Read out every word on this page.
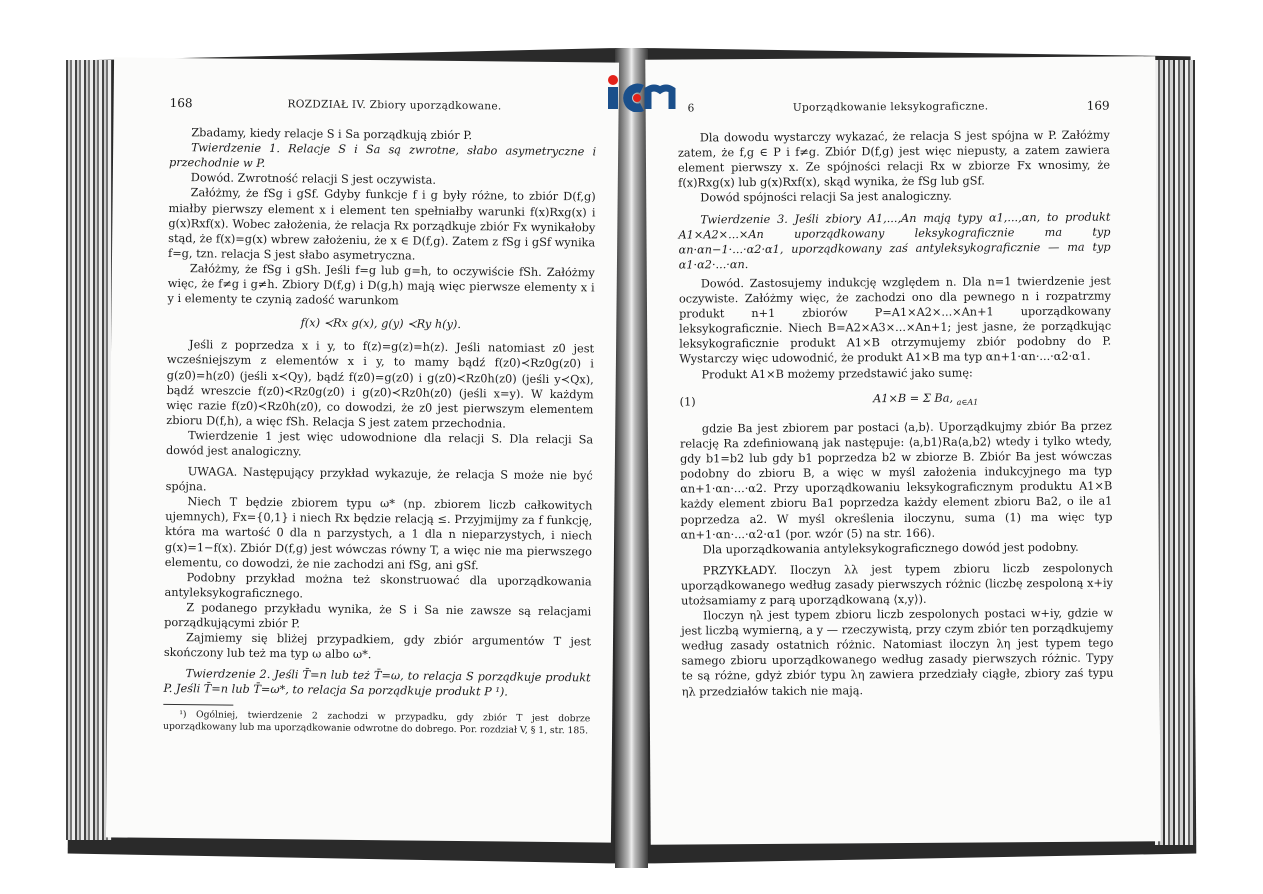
168	ROZDZIAŁ IV. Zbiory uporządkowane.

Zbadamy, kiedy relacje S i Sa porządkują zbiór P.

Twierdzenie 1. Relacje S i Sa są zwrotne, słabo asymetryczne i przechodnie w P.

Dowód. Zwrotność relacji S jest oczywista.

Załóżmy, że fSg i gSf. Gdyby funkcje f i g były różne, to zbiór D(f,g) miałby pierwszy element x i element ten spełniałby warunki f(x)Rxg(x) i g(x)Rxf(x). Wobec założenia, że relacja Rx porządkuje zbiór Fx wynikałoby stąd, że f(x)=g(x) wbrew założeniu, że x ∈ D(f,g). Zatem z fSg i gSf wynika f=g, tzn. relacja S jest słabo asymetryczna.

Załóżmy, że fSg i gSh. Jeśli f=g lub g=h, to oczywiście fSh. Załóżmy więc, że f≠g i g≠h. Zbiory D(f,g) i D(g,h) mają więc pierwsze elementy x i y i elementy te czynią zadość warunkom

f(x) ≺Rx g(x), g(y) ≺Ry h(y).

Jeśli z poprzedza x i y, to f(z)=g(z)=h(z). Jeśli natomiast z0 jest wcześniejszym z elementów x i y, to mamy bądź f(z0)≺Rz0g(z0) i g(z0)=h(z0) (jeśli x≺Qy), bądź f(z0)=g(z0) i g(z0)≺Rz0h(z0) (jeśli y≺Qx), bądź wreszcie f(z0)≺Rz0g(z0) i g(z0)≺Rz0h(z0) (jeśli x=y). W każdym więc razie f(z0)≺Rz0h(z0), co dowodzi, że z0 jest pierwszym elementem zbioru D(f,h), a więc fSh. Relacja S jest zatem przechodnia.

Twierdzenie 1 jest więc udowodnione dla relacji S. Dla relacji Sa dowód jest analogiczny.

UWAGA. Następujący przykład wykazuje, że relacja S może nie być spójna.

Niech T będzie zbiorem typu ω* (np. zbiorem liczb całkowitych ujemnych), Fx={0,1} i niech Rx będzie relacją ≤. Przyjmijmy za f funkcję, która ma wartość 0 dla n parzystych, a 1 dla n nieparzystych, i niech g(x)=1−f(x). Zbiór D(f,g) jest wówczas równy T, a więc nie ma pierwszego elementu, co dowodzi, że nie zachodzi ani fSg, ani gSf.

Podobny przykład można też skonstruować dla uporządkowania antyleksykograficznego.

Z podanego przykładu wynika, że S i Sa nie zawsze są relacjami porządkującymi zbiór P.

Zajmiemy się bliżej przypadkiem, gdy zbiór argumentów T jest skończony lub też ma typ ω albo ω*.

Twierdzenie 2. Jeśli T̄=n lub też T̄=ω, to relacja S porządkuje produkt P. Jeśli T̄=n lub T̄=ω*, to relacja Sa porządkuje produkt P ¹).

¹) Ogólniej, twierdzenie 2 zachodzi w przypadku, gdy zbiór T jest dobrze uporządkowany lub ma uporządkowanie odwrotne do dobrego. Por. rozdział V, § 1, str. 185.

6	Uporządkowanie leksykograficzne.	169

Dla dowodu wystarczy wykazać, że relacja S jest spójna w P. Załóżmy zatem, że f,g ∈ P i f≠g. Zbiór D(f,g) jest więc niepusty, a zatem zawiera element pierwszy x. Ze spójności relacji Rx w zbiorze Fx wnosimy, że f(x)Rxg(x) lub g(x)Rxf(x), skąd wynika, że fSg lub gSf.

Dowód spójności relacji Sa jest analogiczny.

Twierdzenie 3. Jeśli zbiory A1,...,An mają typy α1,...,αn, to produkt A1×A2×...×An uporządkowany leksykograficznie ma typ αn·αn−1·...·α2·α1, uporządkowany zaś antyleksykograficznie — ma typ α1·α2·...·αn.

Dowód. Zastosujemy indukcję względem n. Dla n=1 twierdzenie jest oczywiste. Załóżmy więc, że zachodzi ono dla pewnego n i rozpatrzmy produkt n+1 zbiorów P=A1×A2×...×An+1 uporządkowany leksykograficznie. Niech B=A2×A3×...×An+1; jest jasne, że porządkując leksykograficznie produkt A1×B otrzymujemy zbiór podobny do P. Wystarczy więc udowodnić, że produkt A1×B ma typ αn+1·αn·...·α2·α1.

Produkt A1×B możemy przedstawić jako sumę:

(1)	A1×B = Σ Ba, $_{a\in A1}$

gdzie Ba jest zbiorem par postaci ⟨a,b⟩. Uporządkujmy zbiór Ba przez relację Ra zdefiniowaną jak następuje: ⟨a,b1⟩Ra⟨a,b2⟩ wtedy i tylko wtedy, gdy b1=b2 lub gdy b1 poprzedza b2 w zbiorze B. Zbiór Ba jest wówczas podobny do zbioru B, a więc w myśl założenia indukcyjnego ma typ αn+1·αn·...·α2. Przy uporządkowaniu leksykograficznym produktu A1×B każdy element zbioru Ba1 poprzedza każdy element zbioru Ba2, o ile a1 poprzedza a2. W myśl określenia iloczynu, suma (1) ma więc typ αn+1·αn·...·α2·α1 (por. wzór (5) na str. 166).

Dla uporządkowania antyleksykograficznego dowód jest podobny.

PRZYKŁADY. Iloczyn λλ jest typem zbioru liczb zespolonych uporządkowanego według zasady pierwszych różnic (liczbę zespoloną x+iy utożsamiamy z parą uporządkowaną ⟨x,y⟩).

Iloczyn ηλ jest typem zbioru liczb zespolonych postaci w+iy, gdzie w jest liczbą wymierną, a y — rzeczywistą, przy czym zbiór ten porządkujemy według zasady ostatnich różnic. Natomiast iloczyn λη jest typem tego samego zbioru uporządkowanego według zasady pierwszych różnic. Typy te są różne, gdyż zbiór typu λη zawiera przedziały ciągłe, zbiory zaś typu ηλ przedziałów takich nie mają.
